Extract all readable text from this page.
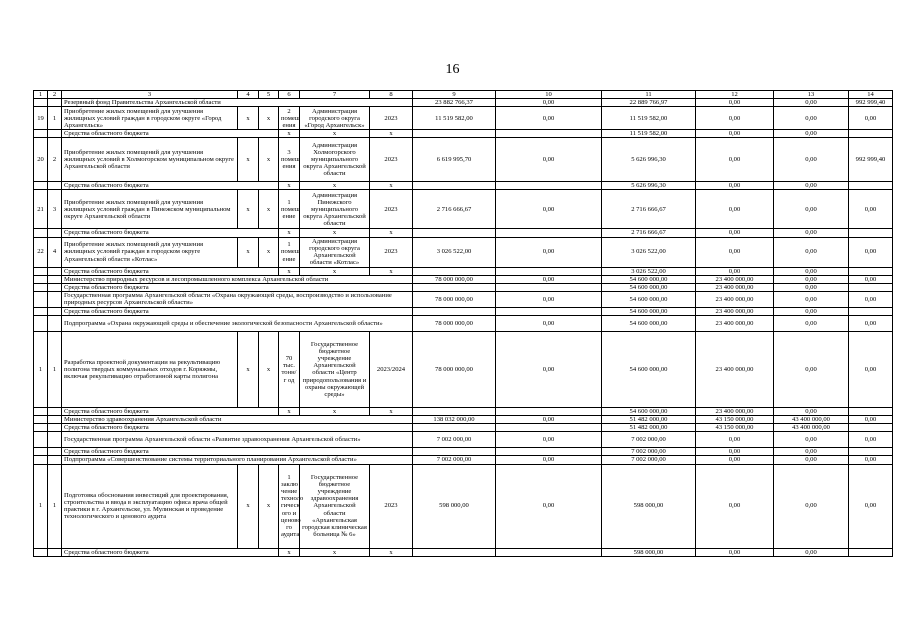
16
1	2	3	4	5	6	7	8	9	10	11	12	13	14
		Резервный фонд Правительства Архангельской области						23 882 766,37	0,00	22 889 766,97	0,00	0,00	992 999,40
19	1	Приобретение жилых помещений для улучшения жилищных условий граждан в городском округе «Город Архангельск»	х	х	2 помещ ения	Администрация городского округа «Город Архангельск»	2023	11 519 582,00	0,00	11 519 582,00	0,00	0,00	0,00
		Средства областного бюджета			х	х	х			11 519 582,00	0,00	0,00	
20	2	Приобретение жилых помещений для улучшения жилищных условий в Холмогорском муниципальном округе Архангельской области	х	х	3 помещ ения	Администрация Холмогорского муниципального округа Архангельской области	2023	6 619 995,70	0,00	5 626 996,30	0,00	0,00	992 999,40
		Средства областного бюджета			х	х	х			5 626 996,30	0,00	0,00	
21	3	Приобретение жилых помещений для улучшения жилищных условий граждан в Пинежском муниципальном округе Архангельской области	х	х	1 помещ ение	Администрация Пинежского муниципального округа Архангельской области	2023	2 716 666,67	0,00	2 716 666,67	0,00	0,00	0,00
		Средства областного бюджета			х	х	х			2 716 666,67	0,00	0,00	
22	4	Приобретение жилых помещений для улучшения жилищных условий граждан в городском округе Архангельской области «Котлас»	х	х	1 помещ ение	Администрация городского округа Архангельской области «Котлас»	2023	3 026 522,00	0,00	3 026 522,00	0,00	0,00	0,00
		Средства областного бюджета			х	х	х			3 026 522,00	0,00	0,00	
		Министерство природных ресурсов и лесопромышленного комплекса Архангельской области						78 000 000,00	0,00	54 600 000,00	23 400 000,00	0,00	0,00
		Средства областного бюджета								54 600 000,00	23 400 000,00	0,00	
		Государственная программа Архангельской области «Охрана окружающей среды, воспроизводство и использование природных ресурсов Архангельской области»						78 000 000,00	0,00	54 600 000,00	23 400 000,00	0,00	0,00
		Средства областного бюджета								54 600 000,00	23 400 000,00	0,00	
		Подпрограмма «Охрана окружающей среды и обеспечение экологической безопасности Архангельской области»						78 000 000,00	0,00	54 600 000,00	23 400 000,00	0,00	0,00
1	1	Разработка проектной документации на рекультивацию полигона твердых коммунальных отходов г. Коряжмы, включая рекультивацию отработанной карты полигона	х	х	70 тыс. тонн/г од	Государственное бюджетное учреждение Архангельской области «Центр природопользования и охраны окружающей среды»	2023/2024	78 000 000,00	0,00	54 600 000,00	23 400 000,00	0,00	0,00
		Средства областного бюджета			х	х	х			54 600 000,00	23 400 000,00	0,00	
		Министерство здравоохранения Архангельской области						138 032 000,00	0,00	51 482 000,00	43 150 000,00	43 400 000,00	0,00
		Средства областного бюджета								51 482 000,00	43 150 000,00	43 400 000,00	
		Государственная программа Архангельской области «Развитие здравоохранения Архангельской области»						7 002 000,00	0,00	7 002 000,00	0,00	0,00	0,00
		Средства областного бюджета								7 002 000,00	0,00	0,00	
		Подпрограмма «Совершенствование системы территориального планирования Архангельской области»						7 002 000,00	0,00	7 002 000,00	0,00	0,00	0,00
1	1	Подготовка обоснования инвестиций для проектирования, строительства и ввода в эксплуатацию офиса врача общей практики в г. Архангельске, ул. Мулинская и проведение технологического и ценового аудита	х	х	1 заклю чение техноло гическ ого и ценово го аудита	Государственное бюджетное учреждение здравоохранения Архангельской области «Архангельская городская клиническая больница № 6»	2023	598 000,00	0,00	598 000,00	0,00	0,00	0,00
		Средства областного бюджета			х	х	х			598 000,00	0,00	0,00	
